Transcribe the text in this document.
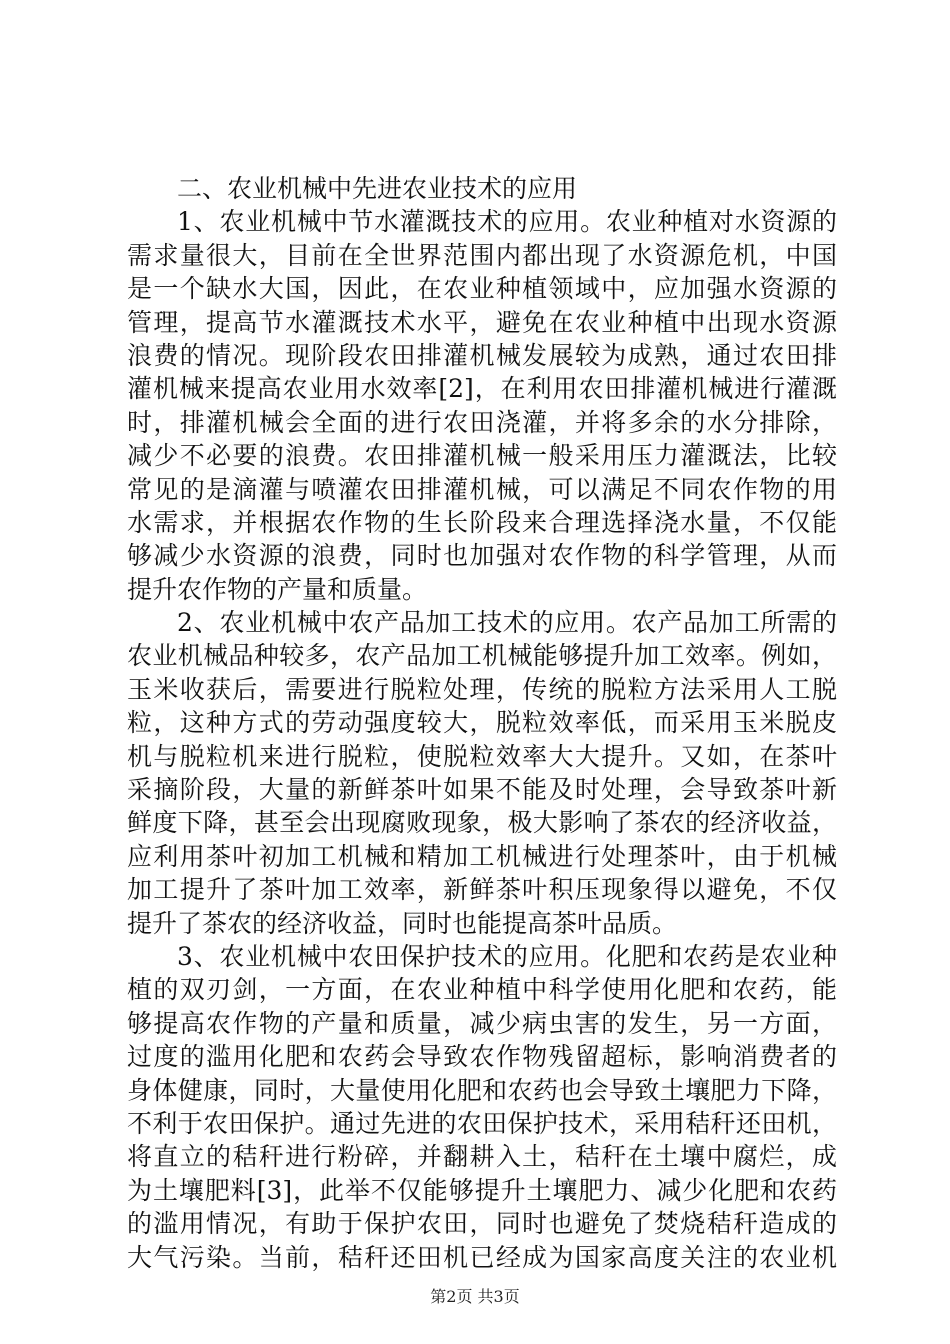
二、农业机械中先进农业技术的应用
1、农业机械中节水灌溉技术的应用。农业种植对水资源的
需求量很大，目前在全世界范围内都出现了水资源危机，中国
是一个缺水大国，因此，在农业种植领域中，应加强水资源的
管理，提高节水灌溉技术水平，避免在农业种植中出现水资源
浪费的情况。现阶段农田排灌机械发展较为成熟，通过农田排
灌机械来提高农业用水效率[2]，在利用农田排灌机械进行灌溉
时，排灌机械会全面的进行农田浇灌，并将多余的水分排除，
减少不必要的浪费。农田排灌机械一般采用压力灌溉法，比较
常见的是滴灌与喷灌农田排灌机械，可以满足不同农作物的用
水需求，并根据农作物的生长阶段来合理选择浇水量，不仅能
够减少水资源的浪费，同时也加强对农作物的科学管理，从而
提升农作物的产量和质量。
2、农业机械中农产品加工技术的应用。农产品加工所需的
农业机械品种较多，农产品加工机械能够提升加工效率。例如，
玉米收获后，需要进行脱粒处理，传统的脱粒方法采用人工脱
粒，这种方式的劳动强度较大，脱粒效率低，而采用玉米脱皮
机与脱粒机来进行脱粒，使脱粒效率大大提升。又如，在茶叶
采摘阶段，大量的新鲜茶叶如果不能及时处理，会导致茶叶新
鲜度下降，甚至会出现腐败现象，极大影响了茶农的经济收益，
应利用茶叶初加工机械和精加工机械进行处理茶叶，由于机械
加工提升了茶叶加工效率，新鲜茶叶积压现象得以避免，不仅
提升了茶农的经济收益，同时也能提高茶叶品质。
3、农业机械中农田保护技术的应用。化肥和农药是农业种
植的双刃剑，一方面，在农业种植中科学使用化肥和农药，能
够提高农作物的产量和质量，减少病虫害的发生，另一方面，
过度的滥用化肥和农药会导致农作物残留超标，影响消费者的
身体健康，同时，大量使用化肥和农药也会导致土壤肥力下降，
不利于农田保护。通过先进的农田保护技术，采用秸秆还田机，
将直立的秸秆进行粉碎，并翻耕入土，秸秆在土壤中腐烂，成
为土壤肥料[3]，此举不仅能够提升土壤肥力、减少化肥和农药
的滥用情况，有助于保护农田，同时也避免了焚烧秸秆造成的
大气污染。当前，秸秆还田机已经成为国家高度关注的农业机
第2页 共3页
